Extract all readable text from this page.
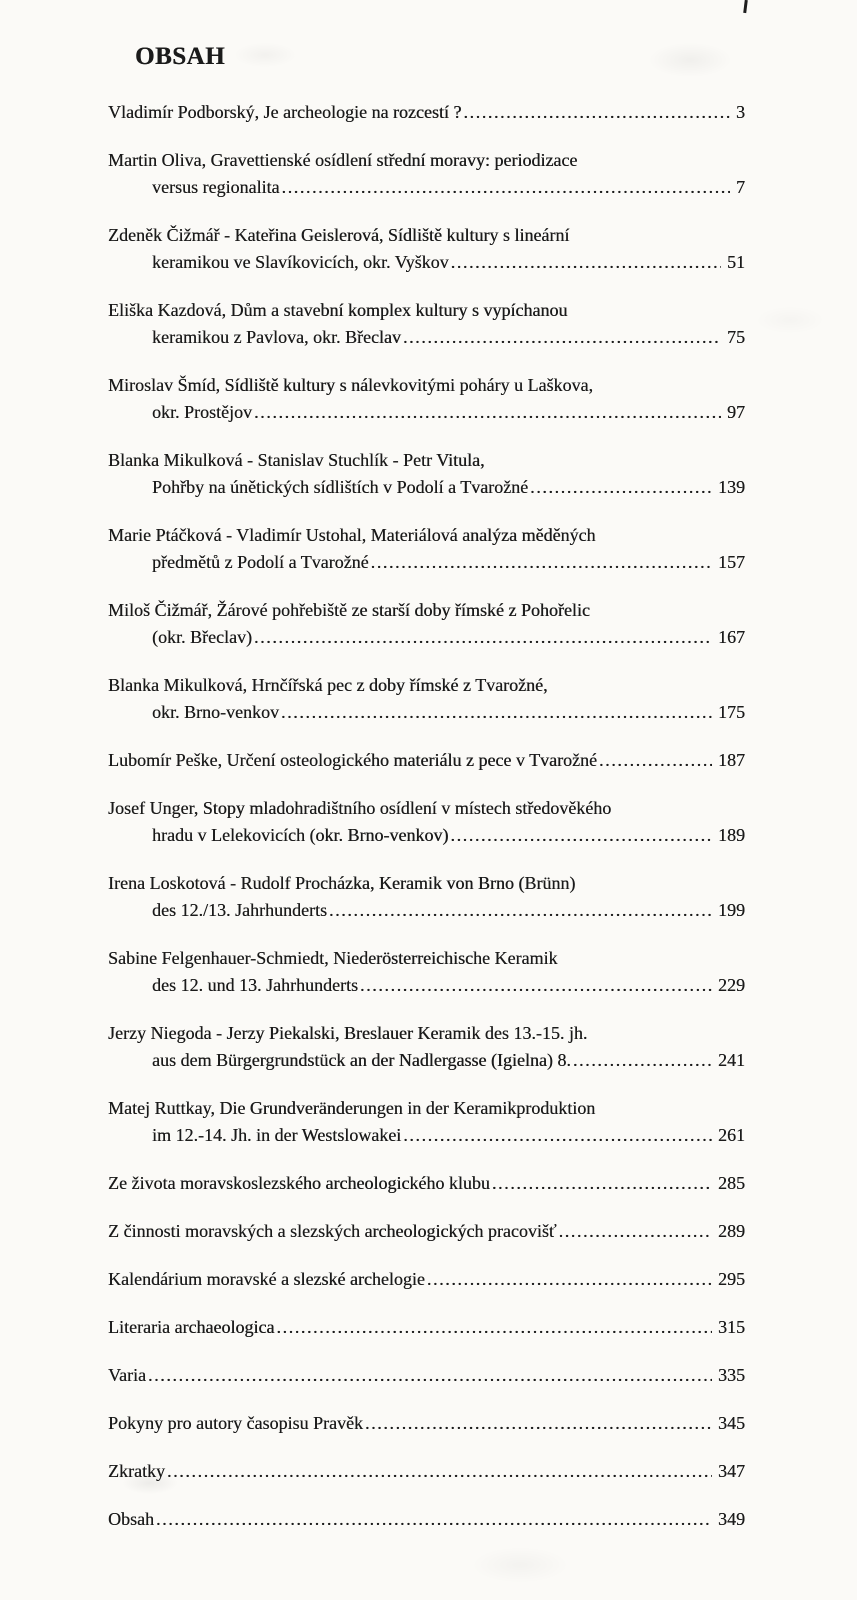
OBSAH
Vladimír Podborský, Je archeologie na rozcestí ? .....	3
Martin Oliva, Gravettienské osídlení střední moravy: periodizace
versus regionalita .....	7
Zdeněk Čižmář - Kateřina Geislerová, Sídliště kultury s lineární
keramikou ve Slavíkovicích, okr. Vyškov .....	51
Eliška Kazdová, Dům a stavební komplex kultury s vypíchanou
keramikou z Pavlova, okr. Břeclav .....	75
Miroslav Šmíd, Sídliště kultury s nálevkovitými poháry u Laškova,
okr. Prostějov .....	97
Blanka Mikulková - Stanislav Stuchlík - Petr Vitula,
Pohřby na únětických sídlištích v Podolí a Tvarožné .....	139
Marie Ptáčková - Vladimír Ustohal, Materiálová analýza měděných
předmětů z Podolí a Tvarožné .....	157
Miloš Čižmář, Žárové pohřebiště ze starší doby římské z Pohořelic
(okr. Břeclav) .....	167
Blanka Mikulková, Hrnčířská pec z doby římské z Tvarožné,
okr. Brno-venkov .....	175
Lubomír Peške, Určení osteologického materiálu z pece v Tvarožné .....	187
Josef Unger, Stopy mladohradištního osídlení v místech středověkého
hradu v Lelekovicích (okr. Brno-venkov) .....	189
Irena Loskotová - Rudolf Procházka, Keramik von Brno (Brünn)
des 12./13. Jahrhunderts .....	199
Sabine Felgenhauer-Schmiedt, Niederösterreichische Keramik
des 12. und 13. Jahrhunderts .....	229
Jerzy Niegoda - Jerzy Piekalski, Breslauer Keramik des 13.-15. jh.
aus dem Bürgergrundstück an der Nadlergasse (Igielna) 8. .....	241
Matej Ruttkay, Die Grundveränderungen in der Keramikproduktion
im 12.-14. Jh. in der Westslowakei .....	261
Ze života moravskoslezského archeologického klubu .....	285
Z činnosti moravských a slezských archeologických pracovišť .....	289
Kalendárium moravské a slezské archelogie .....	295
Literaria archaeologica .....	315
Varia .....	335
Pokyny pro autory časopisu Pravěk .....	345
Zkratky .....	347
Obsah .....	349
